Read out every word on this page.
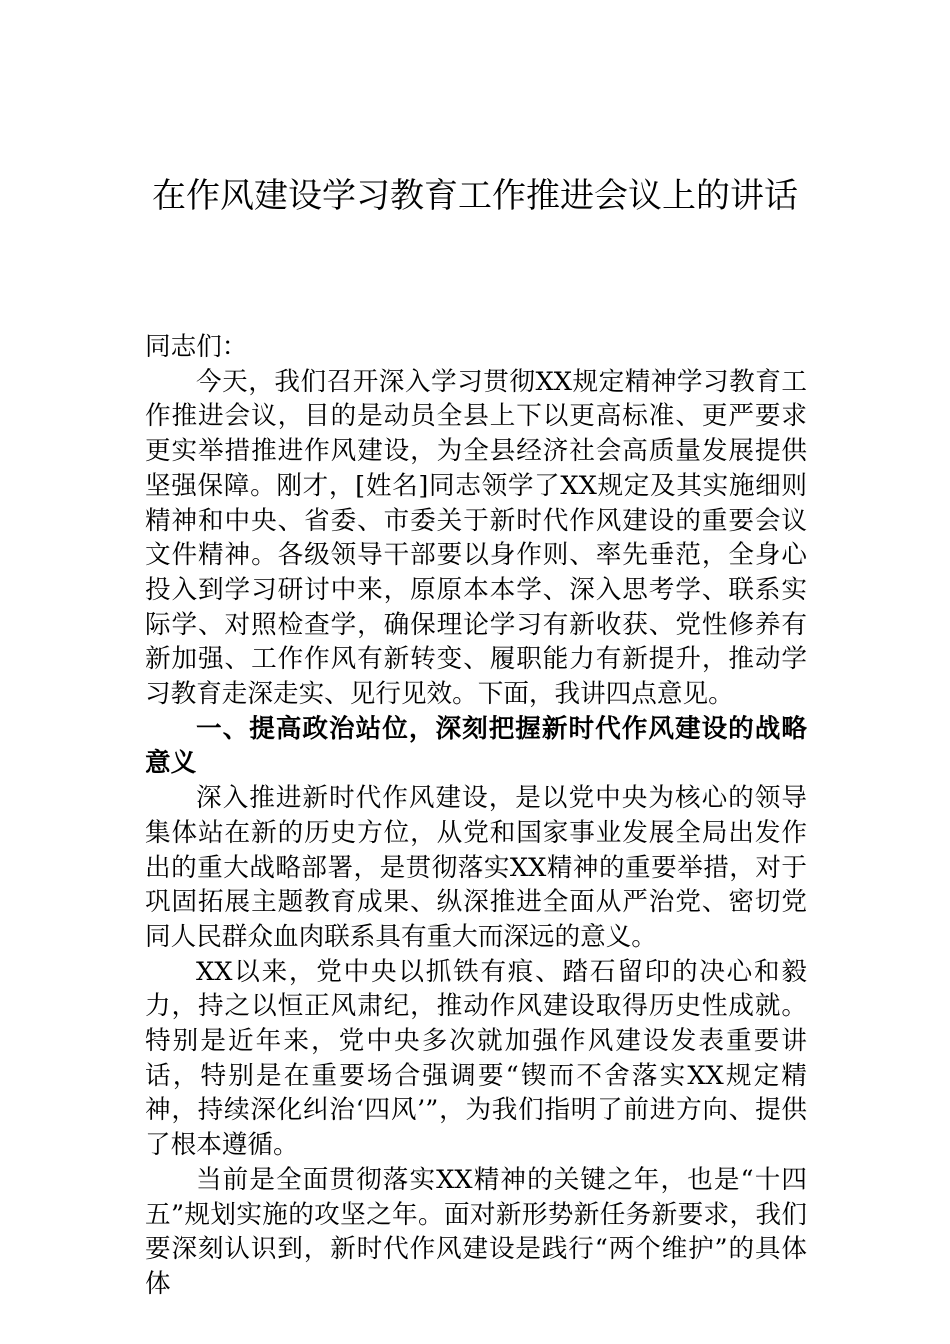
在作风建设学习教育工作推进会议上的讲话

同志们：

今天，我们召开深入学习贯彻XX规定精神学习教育工作推进会议，目的是动员全县上下以更高标准、更严要求更实举措推进作风建设，为全县经济社会高质量发展提供坚强保障。刚才，[姓名]同志领学了XX规定及其实施细则精神和中央、省委、市委关于新时代作风建设的重要会议文件精神。各级领导干部要以身作则、率先垂范，全身心投入到学习研讨中来，原原本本学、深入思考学、联系实际学、对照检查学，确保理论学习有新收获、党性修养有新加强、工作作风有新转变、履职能力有新提升，推动学习教育走深走实、见行见效。下面，我讲四点意见。

一、提高政治站位，深刻把握新时代作风建设的战略意义

深入推进新时代作风建设，是以党中央为核心的领导集体站在新的历史方位，从党和国家事业发展全局出发作出的重大战略部署，是贯彻落实XX精神的重要举措，对于巩固拓展主题教育成果、纵深推进全面从严治党、密切党同人民群众血肉联系具有重大而深远的意义。

XX以来，党中央以抓铁有痕、踏石留印的决心和毅力，持之以恒正风肃纪，推动作风建设取得历史性成就。特别是近年来，党中央多次就加强作风建设发表重要讲话，特别是在重要场合强调要“锲而不舍落实XX规定精神，持续深化纠治‘四风’”，为我们指明了前进方向、提供了根本遵循。

当前是全面贯彻落实XX精神的关键之年，也是“十四五”规划实施的攻坚之年。面对新形势新任务新要求，我们要深刻认识到，新时代作风建设是践行“两个维护”的具体体
